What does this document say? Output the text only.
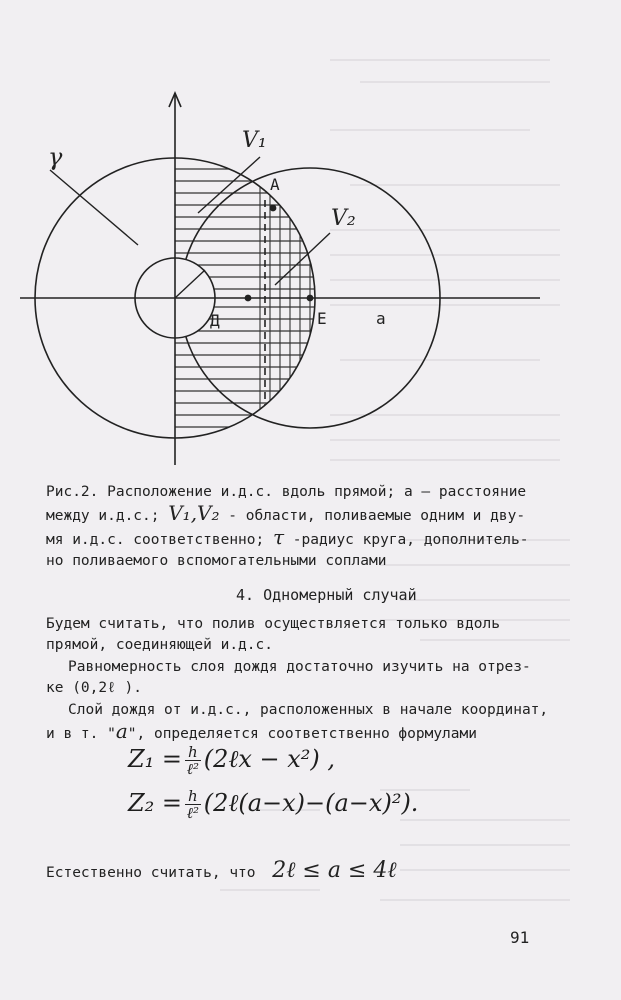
γ
V₁
V₂
A
Д	E	a

Рис.2. Расположение и.д.с. вдоль прямой; a – расстояние

между и.д.с.; V₁,V₂ - области, поливаемые одним и дву-

мя и.д.с. соответственно; τ -радиус круга, дополнитель-

но поливаемого вспомогательными соплами

4. Одномерный случай

Будем считать, что полив осуществляется только вдоль

прямой, соединяющей и.д.с.

Равномерность слоя дождя достаточно изучить на отрез-

ке (0,2ℓ ).

Слой дождя от и.д.с., расположенных в начале координат,

и в т. "a", определяется соответственно формулами

$Z_1 = \frac{h}{\text{ℓ²}}$ (2ℓx − x²) ,
$Z_2 = \frac{h}{\text{ℓ²}}$ (2ℓ(a−x)−(a−x)²).

Естественно считать, что 2ℓ ≤ a ≤ 4ℓ

91
